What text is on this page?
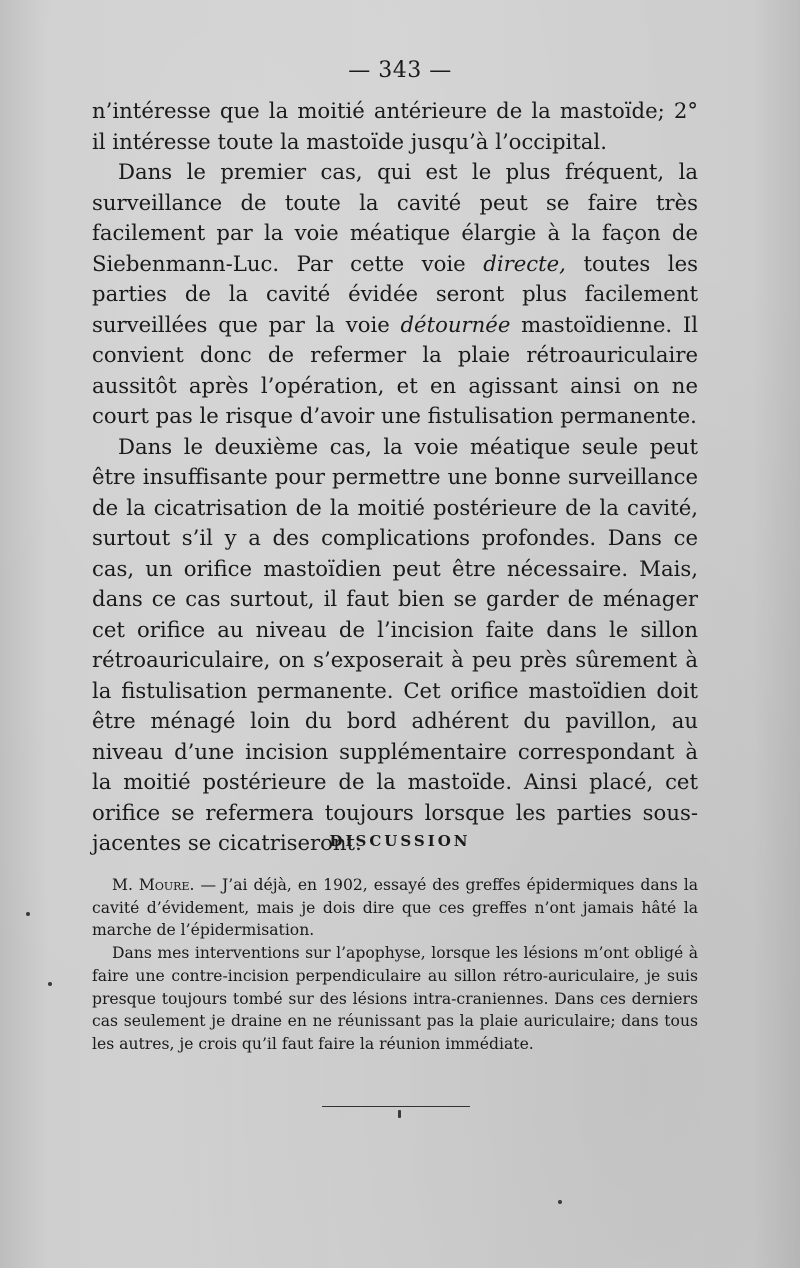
— 343 —

n’intéresse que la moitié antérieure de la mastoïde; 2° il intéresse toute la mastoïde jusqu’à l’occipital.

Dans le premier cas, qui est le plus fréquent, la surveillance de toute la cavité peut se faire très facilement par la voie méatique élargie à la façon de Siebenmann-Luc. Par cette voie directe, toutes les parties de la cavité évidée seront plus facilement surveillées que par la voie détournée mastoïdienne. Il convient donc de refermer la plaie rétroauriculaire aussitôt après l’opération, et en agissant ainsi on ne court pas le risque d’avoir une fistulisation permanente.

Dans le deuxième cas, la voie méatique seule peut être insuffisante pour permettre une bonne surveillance de la cicatrisation de la moitié postérieure de la cavité, surtout s’il y a des complications profondes. Dans ce cas, un orifice mastoïdien peut être nécessaire. Mais, dans ce cas surtout, il faut bien se garder de ménager cet orifice au niveau de l’incision faite dans le sillon rétroauriculaire, on s’exposerait à peu près sûrement à la fistulisation permanente. Cet orifice mastoïdien doit être ménagé loin du bord adhérent du pavillon, au niveau d’une incision supplémentaire correspondant à la moitié postérieure de la mastoïde. Ainsi placé, cet orifice se refermera toujours lorsque les parties sous-jacentes se cicatriseront.

DISCUSSION

M. Moure. — J’ai déjà, en 1902, essayé des greffes épidermiques dans la cavité d’évidement, mais je dois dire que ces greffes n’ont jamais hâté la marche de l’épidermisation.

Dans mes interventions sur l’apophyse, lorsque les lésions m’ont obligé à faire une contre-incision perpendiculaire au sillon rétro-auriculaire, je suis presque toujours tombé sur des lésions intra-craniennes. Dans ces derniers cas seulement je draine en ne réunissant pas la plaie auriculaire; dans tous les autres, je crois qu’il faut faire la réunion immédiate.
